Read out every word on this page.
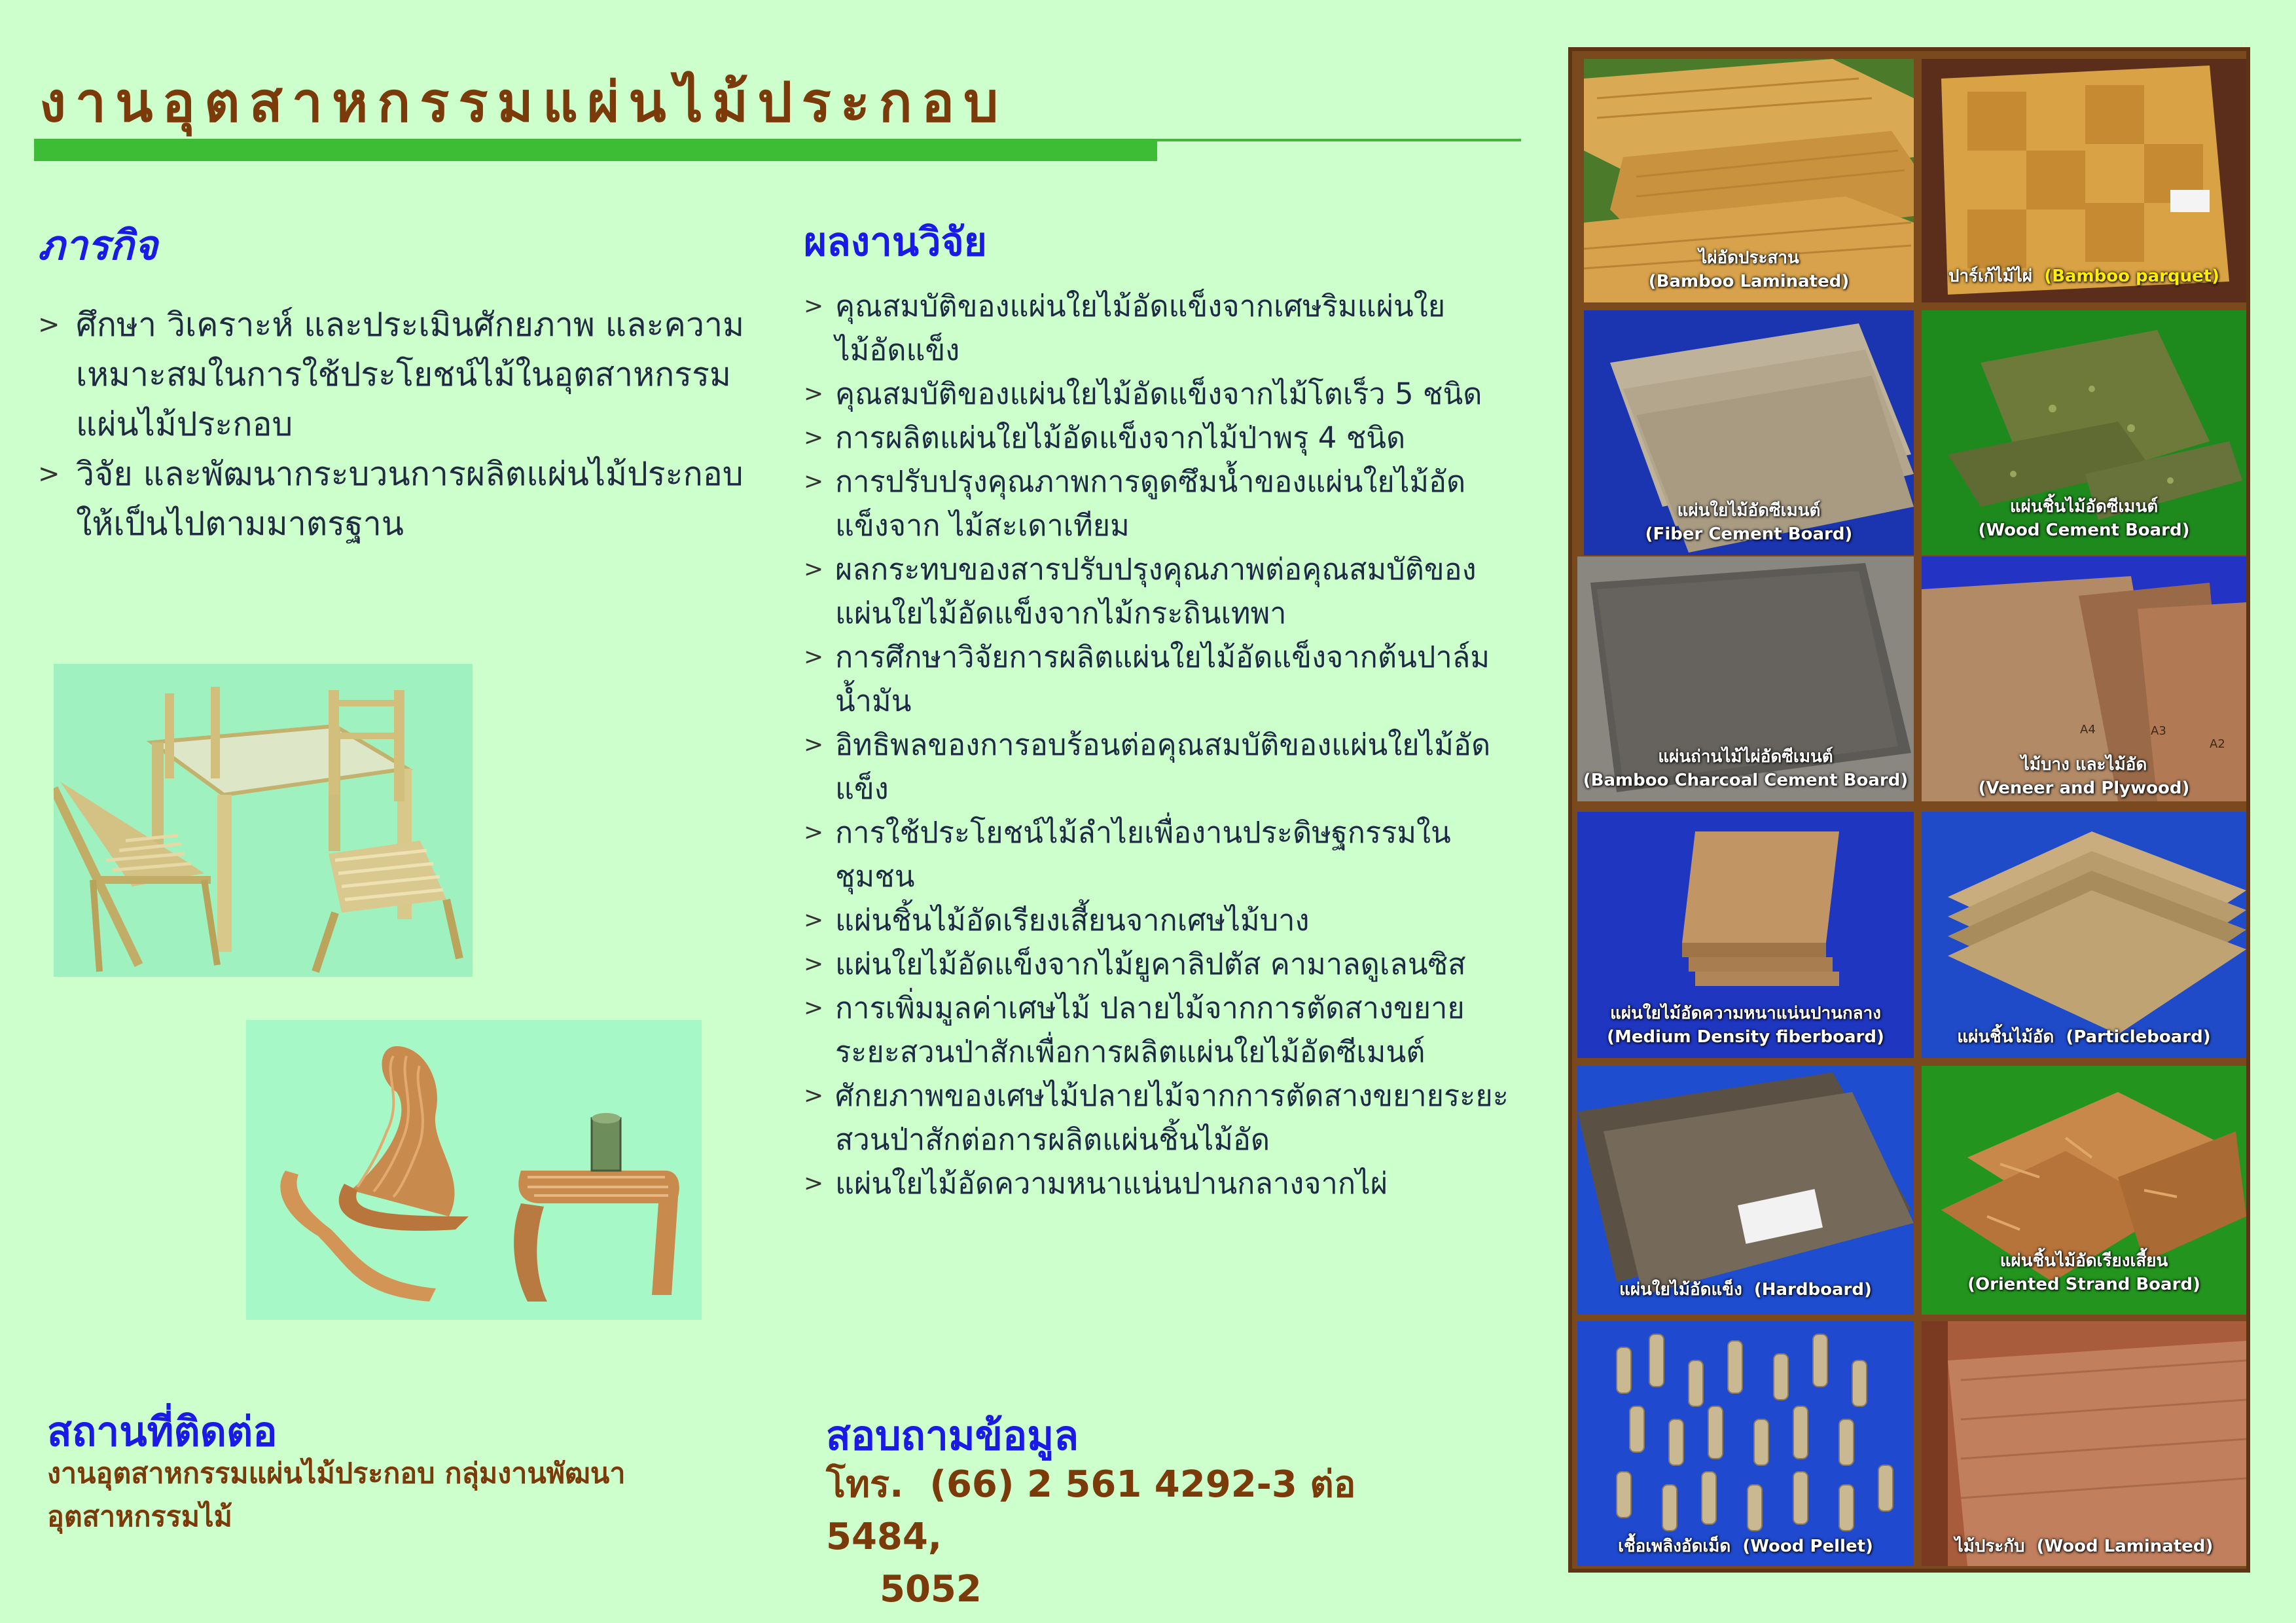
งานอุตสาหกรรมแผ่นไม้ประกอบ
ภารกิจ
> ศึกษา วิเคราะห์ และประเมินศักยภาพ และความเหมาะสมในการใช้ประโยชน์ไม้ในอุตสาหกรรมแผ่นไม้ประกอบ
> วิจัย และพัฒนากระบวนการผลิตแผ่นไม้ประกอบให้เป็นไปตามมาตรฐาน
ผลงานวิจัย
> คุณสมบัติของแผ่นใยไม้อัดแข็งจากเศษริมแผ่นใยไม้อัดแข็ง
> คุณสมบัติของแผ่นใยไม้อัดแข็งจากไม้โตเร็ว 5 ชนิด
> การผลิตแผ่นใยไม้อัดแข็งจากไม้ป่าพรุ 4 ชนิด
> การปรับปรุงคุณภาพการดูดซึมน้ำของแผ่นใยไม้อัดแข็งจาก ไม้สะเดาเทียม
> ผลกระทบของสารปรับปรุงคุณภาพต่อคุณสมบัติของแผ่นใยไม้อัดแข็งจากไม้กระถินเทพา
> การศึกษาวิจัยการผลิตแผ่นใยไม้อัดแข็งจากต้นปาล์มน้ำมัน
> อิทธิพลของการอบร้อนต่อคุณสมบัติของแผ่นใยไม้อัดแข็ง
> การใช้ประโยชน์ไม้ลำไยเพื่องานประดิษฐกรรมในชุมชน
> แผ่นชิ้นไม้อัดเรียงเสี้ยนจากเศษไม้บาง
> แผ่นใยไม้อัดแข็งจากไม้ยูคาลิปตัส คามาลดูเลนซิส
> การเพิ่มมูลค่าเศษไม้ ปลายไม้จากการตัดสางขยายระยะสวนป่าสักเพื่อการผลิตแผ่นใยไม้อัดซีเมนต์
> ศักยภาพของเศษไม้ปลายไม้จากการตัดสางขยายระยะสวนป่าสักต่อการผลิตแผ่นชิ้นไม้อัด
> แผ่นใยไม้อัดความหนาแน่นปานกลางจากไผ่
สถานที่ติดต่อ

งานอุตสาหกรรมแผ่นไม้ประกอบ กลุ่มงานพัฒนาอุตสาหกรรมไม้

สอบถามข้อมูล

โทร. (66) 2 561 4292-3 ต่อ 5484,
5052

ไผ่อัดประสาน
(Bamboo Laminated)	ปาร์เก้ไม้ไผ่ (Bamboo parquet)
แผ่นใยไม้อัดซีเมนต์
(Fiber Cement Board)
แผ่นชิ้นไม้อัดซีเมนต์
(Wood Cement Board)
แผ่นถ่านไม้ไผ่อัดซีเมนต์
(Bamboo Charcoal Cement Board)
A4	A3
A2
ไม้บาง และไม้อัด
(Veneer and Plywood)
แผ่นใยไม้อัดความหนาแน่นปานกลาง
(Medium Density fiberboard)	แผ่นชิ้นไม้อัด (Particleboard)
แผ่นใยไม้อัดแข็ง (Hardboard)
แผ่นชิ้นไม้อัดเรียงเสี้ยน
(Oriented Strand Board)
เชื้อเพลิงอัดเม็ด (Wood Pellet)	ไม้ประกับ (Wood Laminated)
